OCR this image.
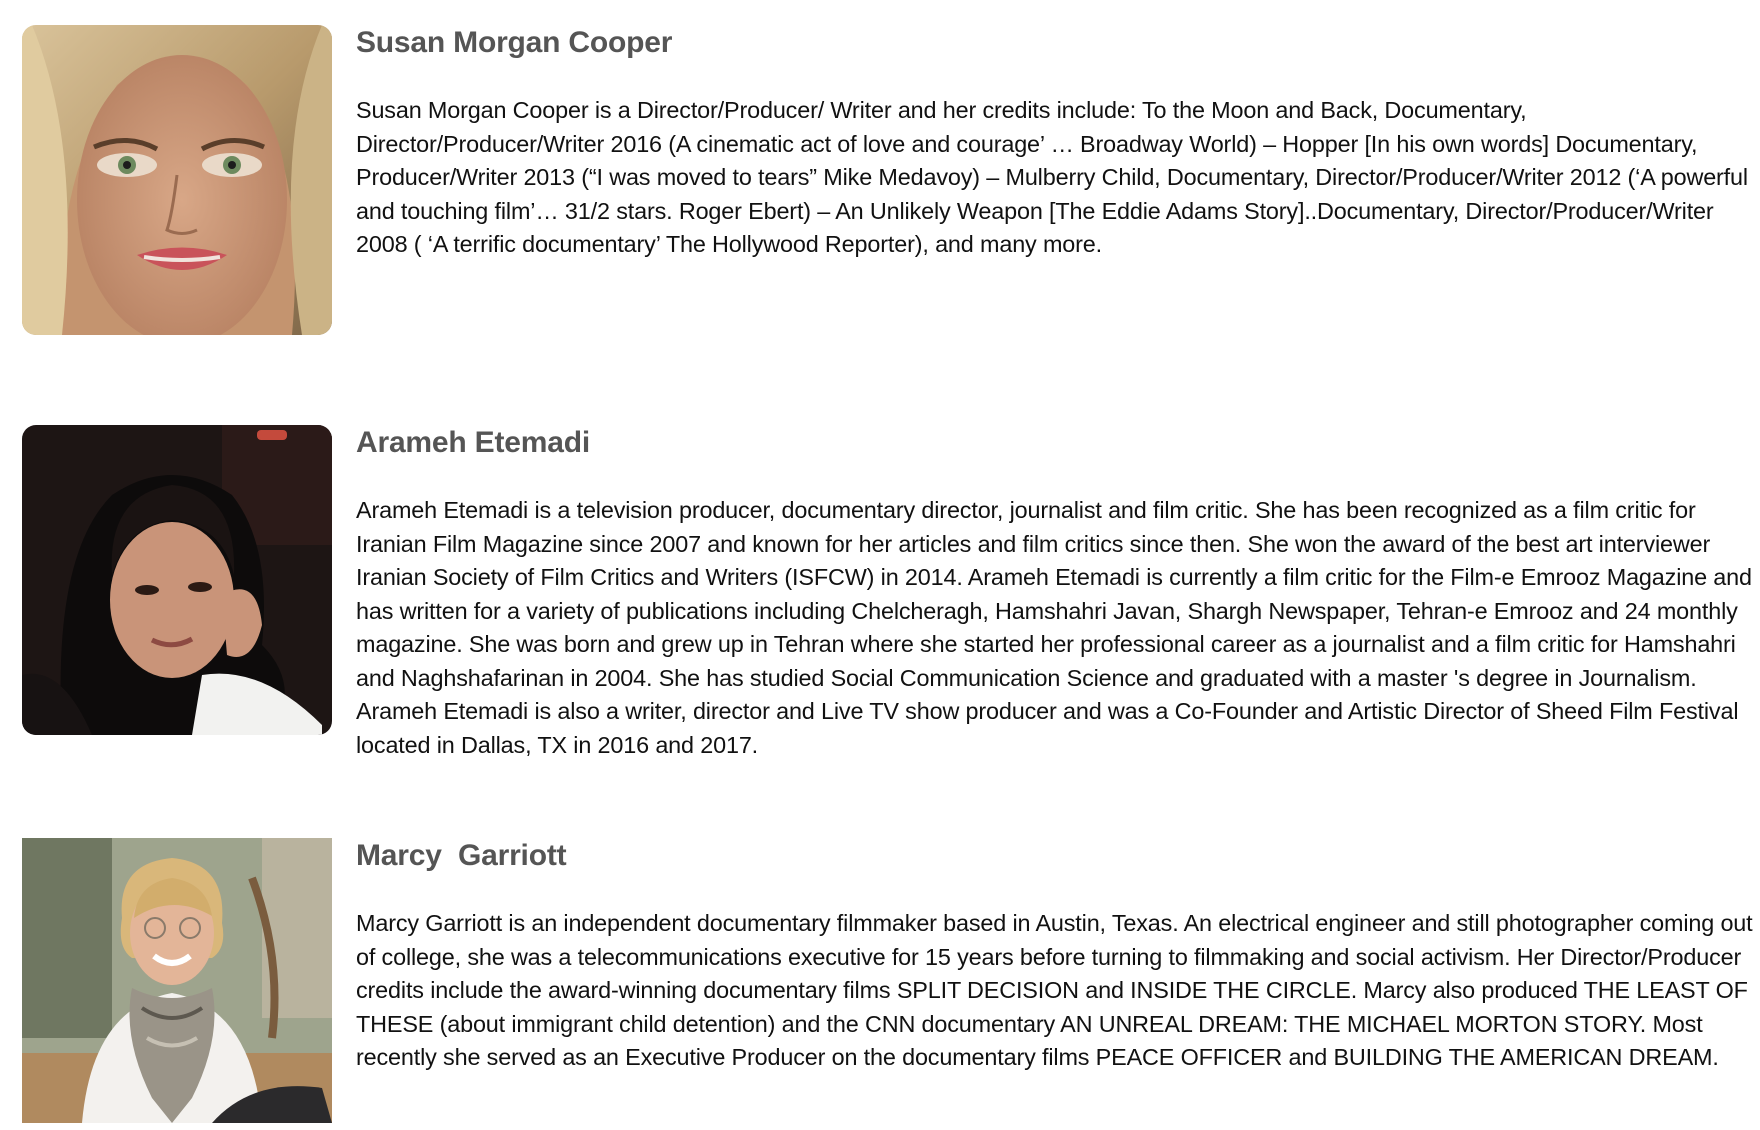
Susan Morgan Cooper

Susan Morgan Cooper is a Director/Producer/ Writer and her credits include: To the Moon and Back, Documentary, Director/Producer/Writer 2016 (A cinematic act of love and courage’ … Broadway World) – Hopper [In his own words] Documentary, Producer/Writer 2013 (“I was moved to tears” Mike Medavoy) – Mulberry Child, Documentary, Director/Producer/Writer 2012 (‘A powerful and touching film’… 31/2 stars. Roger Ebert) – An Unlikely Weapon [The Eddie Adams Story]..Documentary, Director/Producer/Writer 2008 ( ‘A terrific documentary’ The Hollywood Reporter), and many more.

Arameh Etemadi

Arameh Etemadi is a television producer, documentary director, journalist and film critic. She has been recognized as a film critic for Iranian Film Magazine since 2007 and known for her articles and film critics since then. She won the award of the best art interviewer Iranian Society of Film Critics and Writers (ISFCW) in 2014. Arameh Etemadi is currently a film critic for the Film-e Emrooz Magazine and has written for a variety of publications including Chelcheragh, Hamshahri Javan, Shargh Newspaper, Tehran-e Emrooz and 24 monthly magazine. She was born and grew up in Tehran where she started her professional career as a journalist and a film critic for Hamshahri and Naghshafarinan in 2004. She has studied Social Communication Science and graduated with a master 's degree in Journalism. Arameh Etemadi is also a writer, director and Live TV show producer and was a Co-Founder and Artistic Director of Sheed Film Festival located in Dallas, TX in 2016 and 2017.

Marcy  Garriott

Marcy Garriott is an independent documentary filmmaker based in Austin, Texas. An electrical engineer and still photographer coming out of college, she was a telecommunications executive for 15 years before turning to filmmaking and social activism. Her Director/Producer credits include the award-winning documentary films SPLIT DECISION and INSIDE THE CIRCLE. Marcy also produced THE LEAST OF THESE (about immigrant child detention) and the CNN documentary AN UNREAL DREAM: THE MICHAEL MORTON STORY. Most recently she served as an Executive Producer on the documentary films PEACE OFFICER and BUILDING THE AMERICAN DREAM.
